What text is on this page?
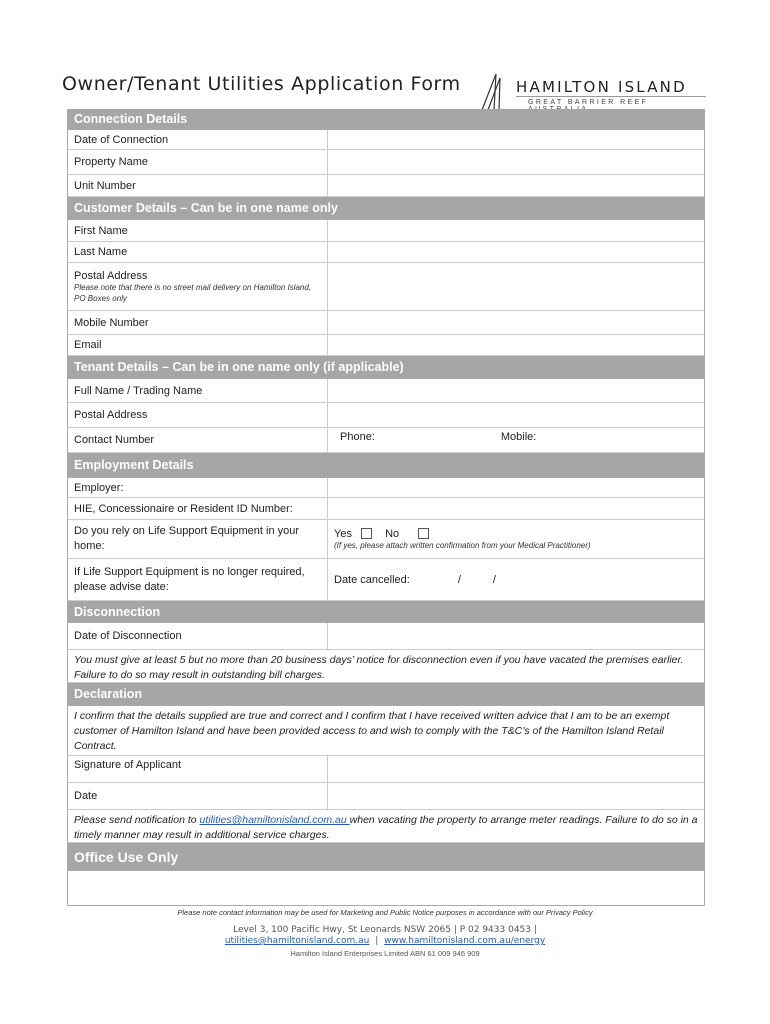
Owner/Tenant Utilities Application Form	HAMILTON ISLAND
GREAT BARRIER REEF
Connection Details
Date of Connection
Property Name
Unit Number
Customer Details – Can be in one name only
First Name
Last Name
Postal Address
Please note that there is no street mail delivery on Hamilton Island, PO Boxes only
Mobile Number
Email
Tenant Details – Can be in one name only (if applicable)
Full Name / Trading Name
Postal Address
Contact Number	Phone:	Mobile:
Employment Details
Employer:
HIE, Concessionaire or Resident ID Number:
Do you rely on Life Support Equipment in your home:
Yes	No
(If yes, please attach written confirmation from your Medical Practitioner)
If Life Support Equipment is no longer required, please advise date:
Date cancelled:	/	/
Disconnection
Date of Disconnection
You must give at least 5 but no more than 20 business days’ notice for disconnection even if you have vacated the premises earlier. Failure to do so may result in outstanding bill charges.
Declaration
I confirm that the details supplied are true and correct and I confirm that I have received written advice that I am to be an exempt customer of Hamilton Island and have been provided access to and wish to comply with the T&C’s of the Hamilton Island Retail Contract.
Signature of Applicant
Date
Please send notification to utilities@hamiltonisland.com.au when vacating the property to arrange meter readings. Failure to do so in a timely manner may result in additional service charges.
Office Use Only
Please note contact information may be used for Marketing and Public Notice purposes in accordance with our Privacy Policy
Level 3, 100 Pacific Hwy, St Leonards NSW 2065 | P 02 9433 0453 |
utilities@hamiltonisland.com.au | www.hamiltonisland.com.au/energy
Hamilton Island Enterprises Limited ABN 61 009 946 909
